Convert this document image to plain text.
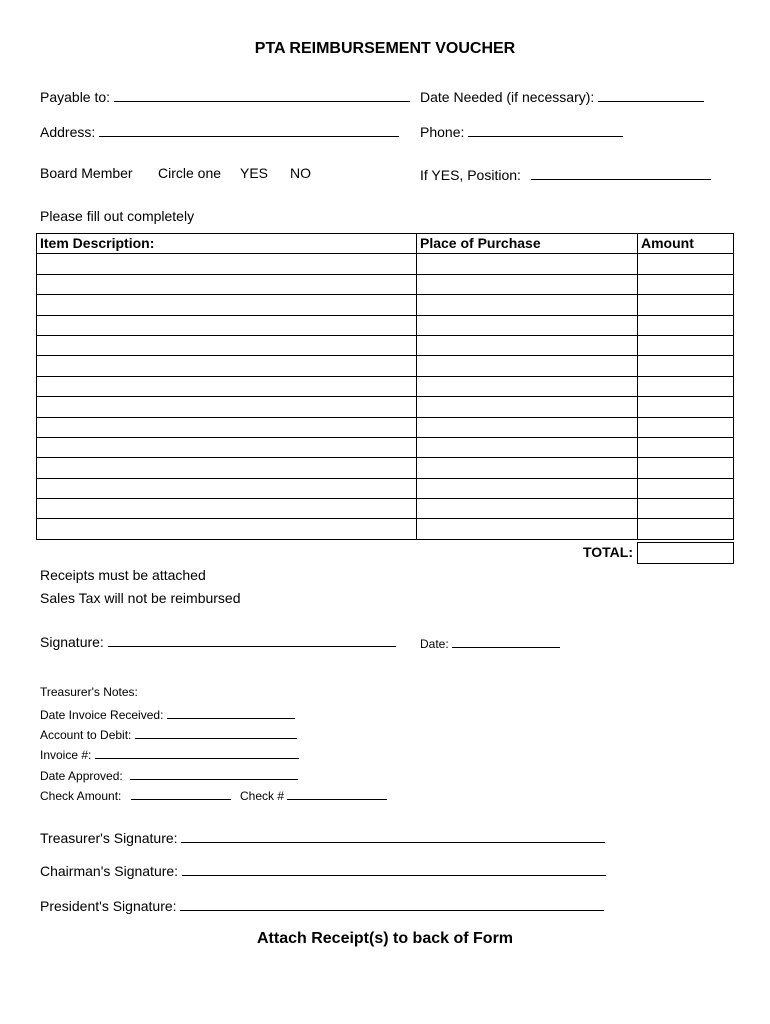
PTA REIMBURSEMENT VOUCHER
Payable to:	Date Needed (if necessary):
Address:	Phone:
Board Member Circle one YES NO	If YES, Position:
Please fill out completely
Item Description:	Place of Purchase	Amount

TOTAL:
Receipts must be attached
Sales Tax will not be reimbursed
Signature:	Date:
Treasurer's Notes:
Date Invoice Received:
Account to Debit:
Invoice #:
Date Approved:
Check Amount:	Check #
Treasurer's Signature:
Chairman's Signature:
President's Signature:
Attach Receipt(s) to back of Form
